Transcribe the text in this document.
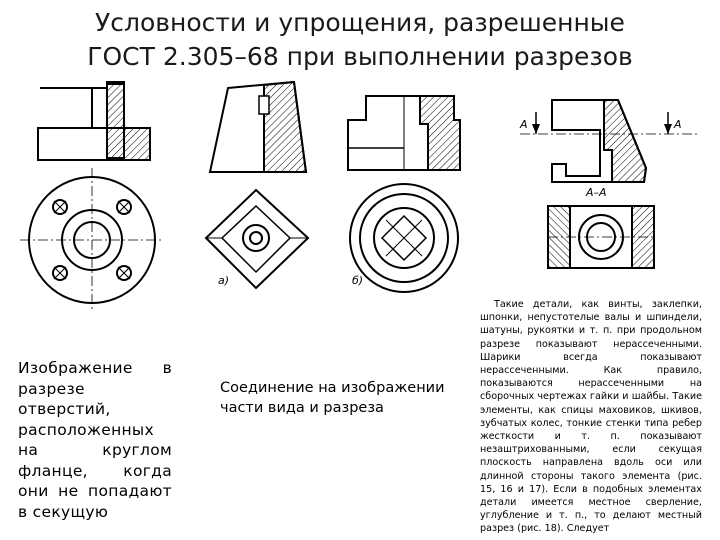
Условности и упрощения, разрешенные
ГОСТ 2.305–68 при выполнении разрезов
а)	б)
А	А
А–А
Изображение в разрезе отверстий, расположенных на круглом фланце, когда они не попадают в секущую
Соединение на изображении части вида и разреза

Такие детали, как винты, заклепки, шпонки, непустотелые валы и шпиндели, шатуны, рукоятки и т. п. при продольном разрезе показывают нерассеченными. Шарики всегда показывают нерассеченными. Как правило, показываются нерассеченными на сборочных чертежах гайки и шайбы. Такие элементы, как спицы маховиков, шкивов, зубчатых колес, тонкие стенки типа ребер жесткости и т. п. показывают незаштрихованными, если секущая плоскость направлена вдоль оси или длинной стороны такого элемента (рис. 15, 16 и 17). Если в подобных элементах детали имеется местное сверление, углубление и т. п., то делают местный разрез (рис. 18). Следует
